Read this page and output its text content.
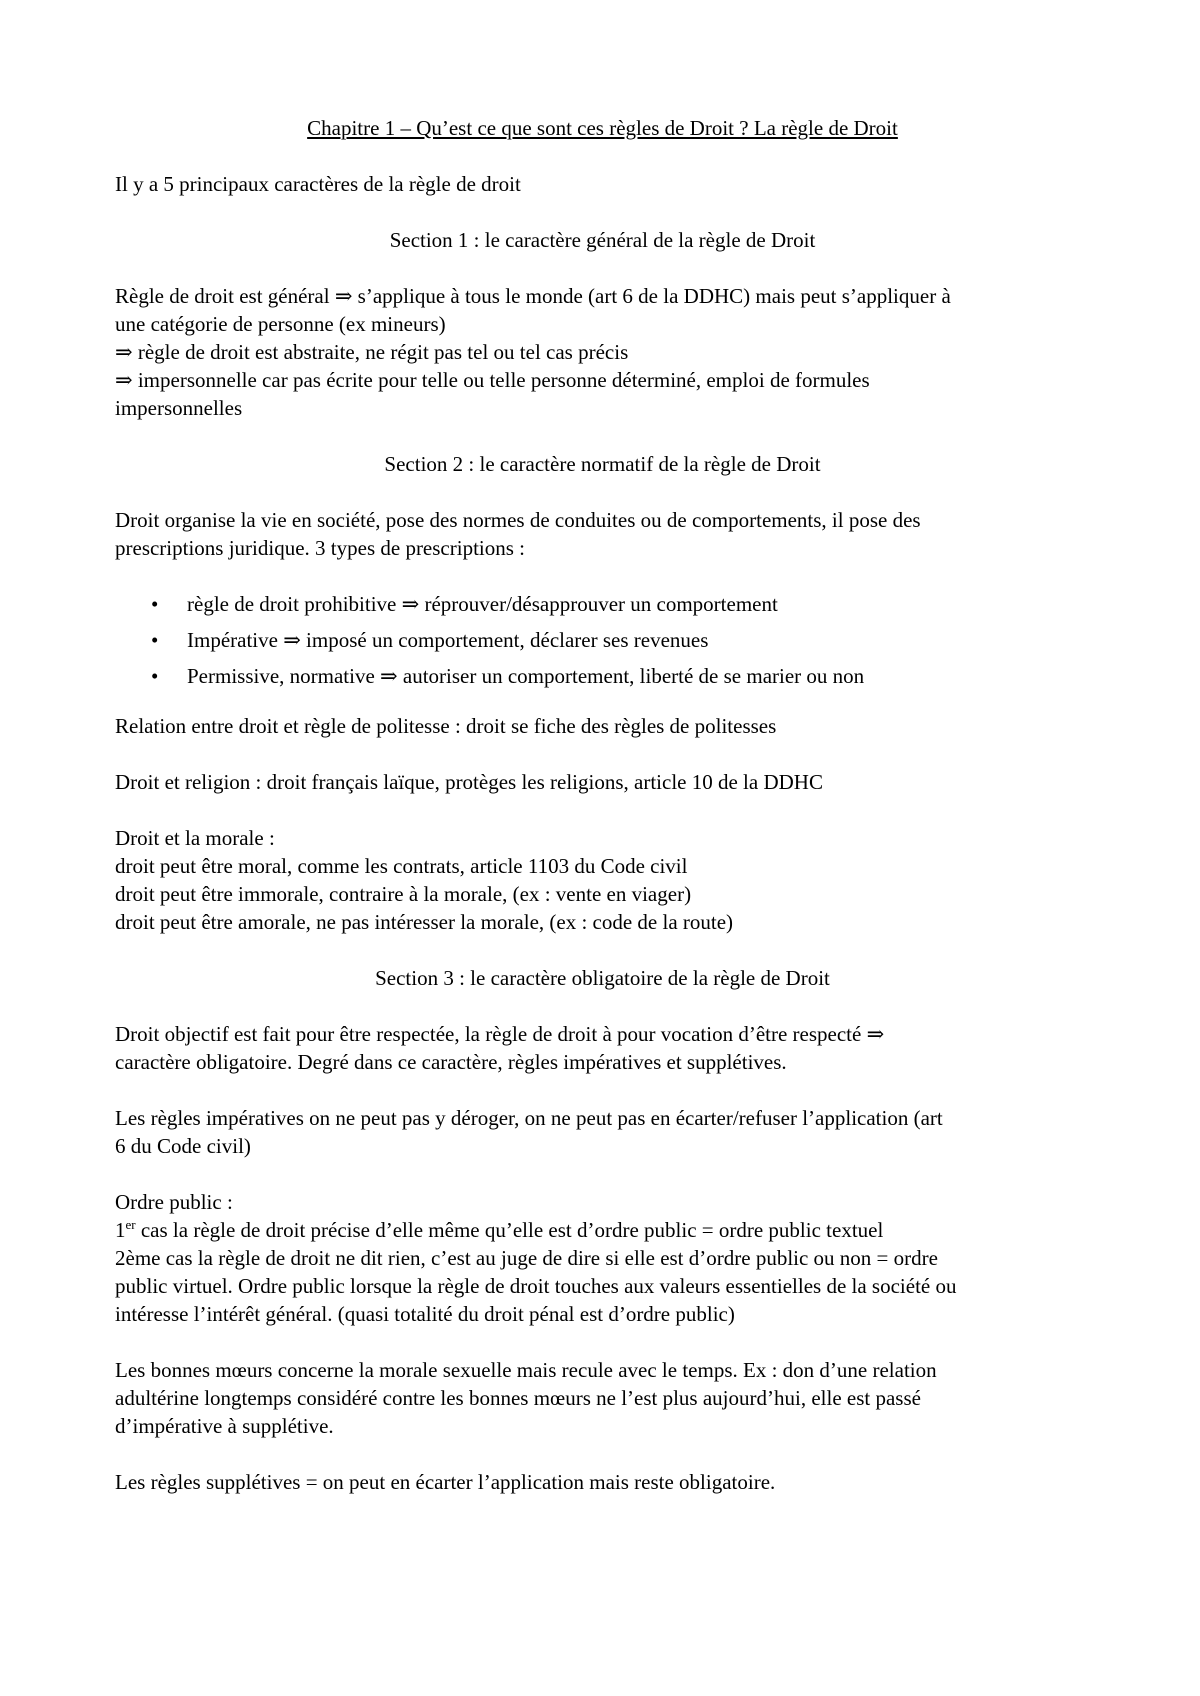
Chapitre 1 – Qu’est ce que sont ces règles de Droit ? La règle de Droit

Il y a 5 principaux caractères de la règle de droit

Section 1 : le caractère général de la règle de Droit

Règle de droit est général ⇒ s’applique à tous le monde (art 6 de la DDHC) mais peut s’appliquer à

une catégorie de personne (ex mineurs)

⇒ règle de droit est abstraite, ne régit pas tel ou tel cas précis

⇒ impersonnelle car pas écrite pour telle ou telle personne déterminé, emploi de formules

impersonnelles

Section 2 : le caractère normatif de la règle de Droit

Droit organise la vie en société, pose des normes de conduites ou de comportements, il pose des

prescriptions juridique. 3 types de prescriptions :

• règle de droit prohibitive ⇒ réprouver/désapprouver un comportement
• Impérative ⇒ imposé un comportement, déclarer ses revenues
• Permissive, normative ⇒ autoriser un comportement, liberté de se marier ou non

Relation entre droit et règle de politesse : droit se fiche des règles de politesses

Droit et religion : droit français laïque, protèges les religions, article 10 de la DDHC

Droit et la morale :

droit peut être moral, comme les contrats, article 1103 du Code civil

droit peut être immorale, contraire à la morale, (ex : vente en viager)

droit peut être amorale, ne pas intéresser la morale, (ex : code de la route)

Section 3 : le caractère obligatoire de la règle de Droit

Droit objectif est fait pour être respectée, la règle de droit à pour vocation d’être respecté ⇒

caractère obligatoire. Degré dans ce caractère, règles impératives et supplétives.

Les règles impératives on ne peut pas y déroger, on ne peut pas en écarter/refuser l’application (art

6 du Code civil)

Ordre public :

1er cas la règle de droit précise d’elle même qu’elle est d’ordre public = ordre public textuel

2ème cas la règle de droit ne dit rien, c’est au juge de dire si elle est d’ordre public ou non = ordre

public virtuel. Ordre public lorsque la règle de droit touches aux valeurs essentielles de la société ou

intéresse l’intérêt général. (quasi totalité du droit pénal est d’ordre public)

Les bonnes mœurs concerne la morale sexuelle mais recule avec le temps. Ex : don d’une relation

adultérine longtemps considéré contre les bonnes mœurs ne l’est plus aujourd’hui, elle est passé

d’impérative à supplétive.

Les règles supplétives = on peut en écarter l’application mais reste obligatoire.
